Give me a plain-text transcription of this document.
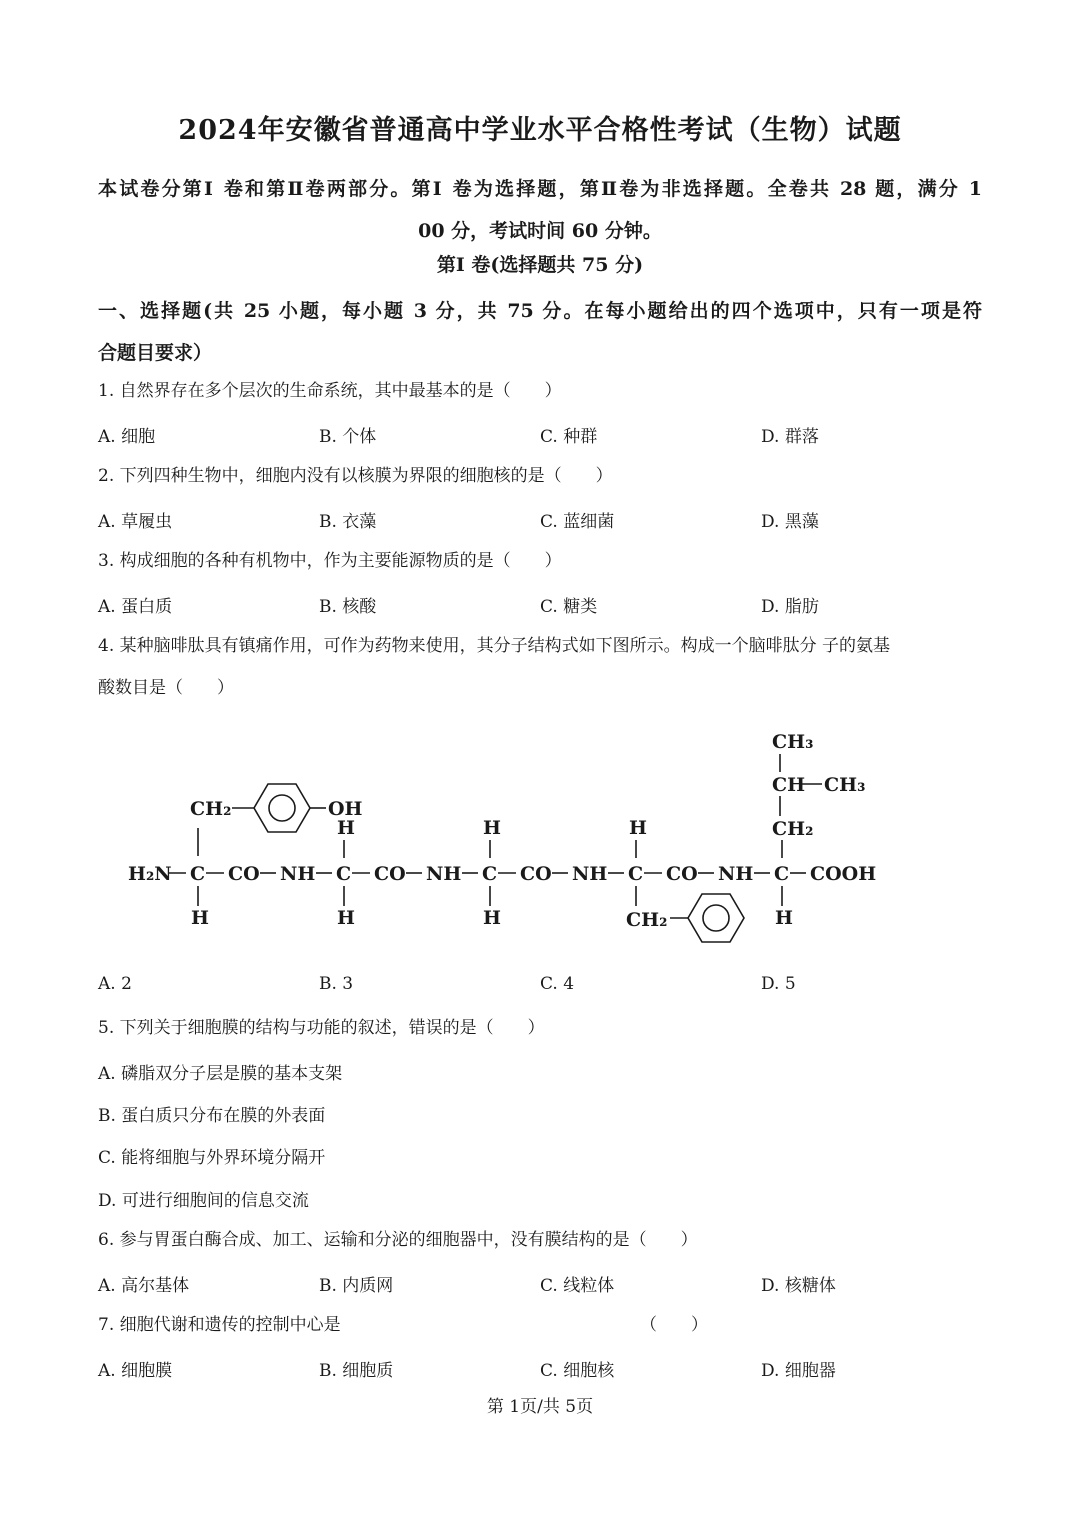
2024年安徽省普通高中学业水平合格性考试（生物）试题
本试卷分第Ⅰ 卷和第Ⅱ卷两部分。第Ⅰ 卷为选择题，第Ⅱ卷为非选择题。全卷共 28 题，满分 1
00 分，考试时间 60 分钟。
第Ⅰ 卷(选择题共 75 分)
一、选择题(共 25 小题，每小题 3 分，共 75 分。在每小题给出的四个选项中，只有一项是符
合题目要求）
1. 自然界存在多个层次的生命系统，其中最基本的是（　　）
A. 细胞	B. 个体	C. 种群	D. 群落
2. 下列四种生物中，细胞内没有以核膜为界限的细胞核的是（　　）
A. 草履虫	B. 衣藻	C. 蓝细菌	D. 黑藻
3. 构成细胞的各种有机物中，作为主要能源物质的是（　　）
A. 蛋白质	B. 核酸	C. 糖类	D. 脂肪
4. 某种脑啡肽具有镇痛作用，可作为药物来使用，其分子结构式如下图所示。构成一个脑啡肽分 子的氨基
酸数目是（　　）
H₂N C CO NH C CO NH C CO NH C CO NH C COOH
CH₂	OH
H
H
H
H
H
H
CH₂
CH₃
CH CH₃
CH₂
H
A. 2	B. 3	C. 4	D. 5
5. 下列关于细胞膜的结构与功能的叙述，错误的是（　　）
A. 磷脂双分子层是膜的基本支架
B. 蛋白质只分布在膜的外表面
C. 能将细胞与外界环境分隔开
D. 可进行细胞间的信息交流
6. 参与胃蛋白酶合成、加工、运输和分泌的细胞器中，没有膜结构的是（　　）
A. 高尔基体	B. 内质网	C. 线粒体	D. 核糖体
7. 细胞代谢和遗传的控制中心是	（　　）
A. 细胞膜	B. 细胞质	C. 细胞核	D. 细胞器
第 1页/共 5页
